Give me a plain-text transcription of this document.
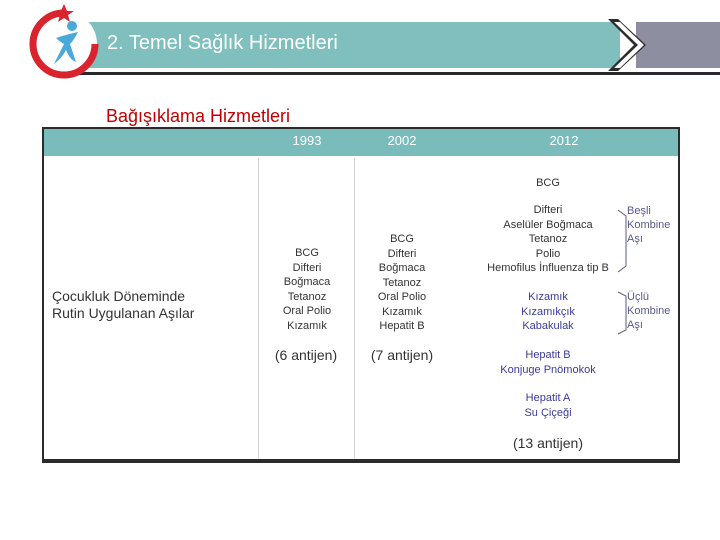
2. Temel Sağlık Hizmetleri
Bağışıklama Hizmetleri
1993	2002	2012
Çocukluk Döneminde
Rutin Uygulanan Aşılar
BCG
Difteri
Boğmaca
Tetanoz
Oral Polio
Kızamık
(6 antijen)
BCG
Difteri
Boğmaca
Tetanoz
Oral Polio
Kızamık
Hepatit B
(7 antijen)
BCG
Difteri
Aselüler Boğmaca
Tetanoz
Polio
Hemofilus İnfluenza tip B
Beşli
Kombine
Aşı
Kızamık
Kızamıkçık
Kabakulak
Üçlü
Kombine
Aşı
Hepatit B
Konjuge Pnömokok
Hepatit A
Su Çiçeği
(13 antijen)
